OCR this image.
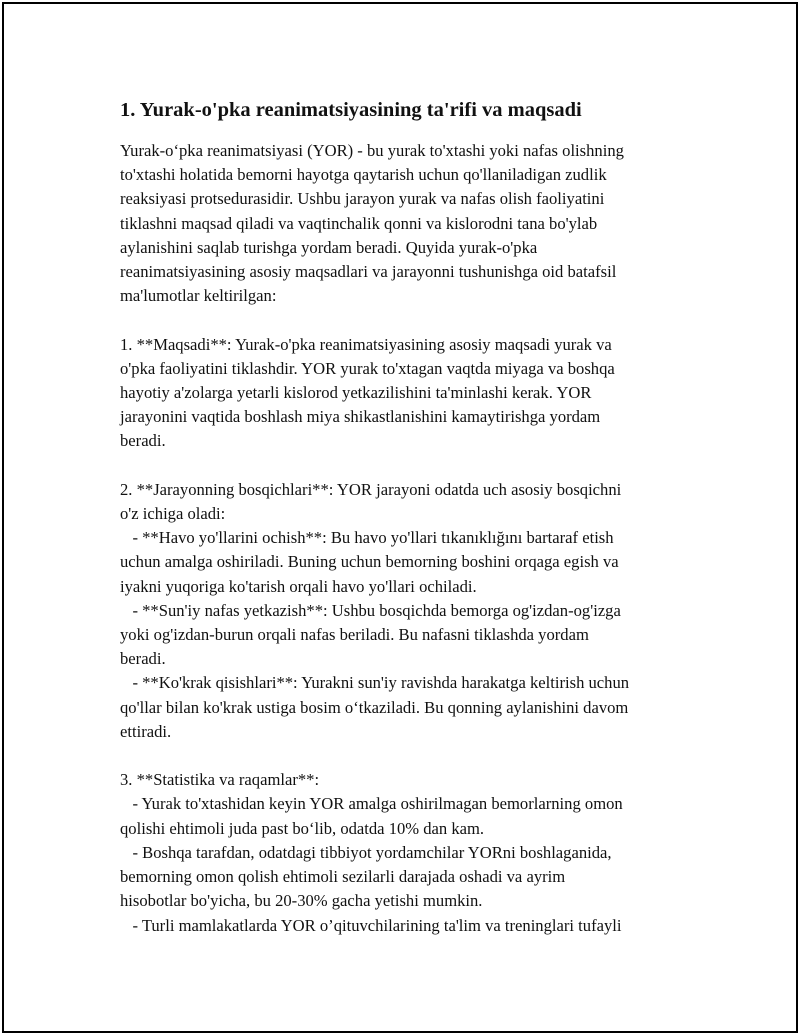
1. Yurak-o'pka reanimatsiyasining ta'rifi va maqsadi

Yurak-o‘pka reanimatsiyasi (YOR) - bu yurak to'xtashi yoki nafas olishning
to'xtashi holatida bemorni hayotga qaytarish uchun qo'llaniladigan zudlik
reaksiyasi protsedurasidir. Ushbu jarayon yurak va nafas olish faoliyatini
tiklashni maqsad qiladi va vaqtinchalik qonni va kislorodni tana bo'ylab
aylanishini saqlab turishga yordam beradi. Quyida yurak-o'pka
reanimatsiyasining asosiy maqsadlari va jarayonni tushunishga oid batafsil
ma'lumotlar keltirilgan:

1. **Maqsadi**: Yurak-o'pka reanimatsiyasining asosiy maqsadi yurak va
o'pka faoliyatini tiklashdir. YOR yurak to'xtagan vaqtda miyaga va boshqa
hayotiy a'zolarga yetarli kislorod yetkazilishini ta'minlashi kerak. YOR
jarayonini vaqtida boshlash miya shikastlanishini kamaytirishga yordam
beradi.

2. **Jarayonning bosqichlari**: YOR jarayoni odatda uch asosiy bosqichni
o'z ichiga oladi:
- **Havo yo'llarini ochish**: Bu havo yo'llari tıkanıklığını bartaraf etish
uchun amalga oshiriladi. Buning uchun bemorning boshini orqaga egish va
iyakni yuqoriga ko'tarish orqali havo yo'llari ochiladi.
- **Sun'iy nafas yetkazish**: Ushbu bosqichda bemorga og'izdan-og'izga
yoki og'izdan-burun orqali nafas beriladi. Bu nafasni tiklashda yordam
beradi.
- **Ko'krak qisishlari**: Yurakni sun'iy ravishda harakatga keltirish uchun
qo'llar bilan ko'krak ustiga bosim o‘tkaziladi. Bu qonning aylanishini davom
ettiradi.

3. **Statistika va raqamlar**:
- Yurak to'xtashidan keyin YOR amalga oshirilmagan bemorlarning omon
qolishi ehtimoli juda past bo‘lib, odatda 10% dan kam.
- Boshqa tarafdan, odatdagi tibbiyot yordamchilar YORni boshlaganida,
bemorning omon qolish ehtimoli sezilarli darajada oshadi va ayrim
hisobotlar bo'yicha, bu 20-30% gacha yetishi mumkin.
- Turli mamlakatlarda YOR o’qituvchilarining ta'lim va treninglari tufayli
